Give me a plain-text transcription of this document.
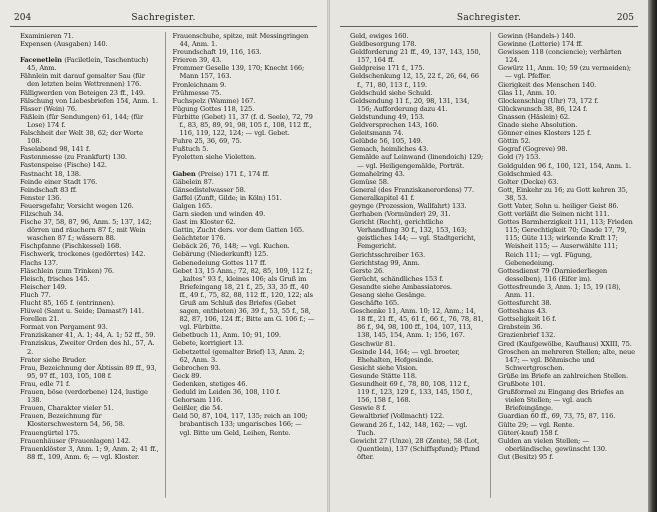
204	Sachregister.

Examinieren 71.

Expensen (Ausgaben) 140.

Facenetlein (Faciletlein, Taschentuch) 45, Anm.

Fähnlein mit darauf gemalter Sau (für den letzten beim Wettrennen) 176.

Fälligwerden von Beteigen 23 ff., 149.

Fälschung von Liebesbriefen 154, Anm. 1.

Fässer (Wein) 76.

Fäßlein (für Sendungen) 61, 144; (für Lose) 174 f.

Falschheit der Welt 38, 62; der Worte 108.

Faselabend 98, 141 f.

Fastenmesse (zu Frankfurt) 130.

Fastenspeise (Fische) 142.

Fastnacht 18, 138.

Feinde einer Stadt 176.

Feindschaft 83 ff.

Fenster 136.

Feuersgefahr, Vorsicht wegen 126.

Filzschuh 34.

Fische 37, 58, 87, 96, Anm. 5; 137, 142; dörren und räuchern 87 f.; mit Wein waschen 87 f.; wässern 88.

Fischpfanne (Fischkessel) 168.

Fischwerk, trockenes (gedörrtes) 142.

Flachs 137.

Fläschlein (zum Trinken) 76.

Fleisch, frisches 145.

Fleischer 149.

Fluch 77.

Flucht 85, 165 f. (entrinnen).

Flüwel (Samt u. Seide; Damast?) 141.

Forellen 21.

Format von Pergament 93.

Franziskaner 41, A. 1; 44, A. 1; 52 ff., 59.

Franziskus, Zweiter Orden des hl., 57, A. 2.

Frater siehe Bruder.

Frau, Bezeichnung der Äbtissin 89 ff., 93, 95, 97 ff., 103, 105, 108 f.

Frau, edle 71 f.

Frauen, böse (verdorbene) 124, lustige 138.

Frauen, Charakter vieler 51.

Frauen, Bezeichnung für Klosterschwestern 54, 56, 58.

Frauengürtel 175.

Frauenhäuser (Frauenlagen) 142.

Frauenklöster 3, Anm. 1; 9, Anm. 2; 41 ff., 88 ff., 109, Anm. 6; — vgl. Kloster.

Frauenschuhe, spitze, mit Messingringen 44, Anm. 1.

Freundschaft 19, 116, 163.

Frieren 39, 43.

Frommer Geselle 139, 170; Knecht 166; Mann 157, 163.

Fronleichnam 9.

Frühmesse 75.

Fuchspelz (Wamme) 167.

Fügung Gottes 118, 125.

Fürbitte (Gebet) 11, 37 (f. d. Seele), 72, 79 f., 83, 85, 89, 91, 98, 105 f., 108, 112 ff., 116, 119, 122, 124; — vgl. Gebet.

Fuhre 25, 36, 69, 75.

Fußtuch 5.

Fyoletten siehe Violetten.

Gaben (Preise) 171 f., 174 ff.

Gäbelein 87.

Gänsedistelwasser 58.

Gaffel (Zunft, Gilde; in Köln) 151.

Galgen 165.

Garn sieden und winden 49.

Gast im Kloster 62.

Gattin, Zucht ders. vor dem Gatten 165.

Geächteter 176.

Gebäck 26, 76, 148; — vgl. Kuchen.

Gebärung (Niederkunft) 125.

Gebenedeiung Gottes 117 ff.

Gebet 13, 15 Anm.; 72, 82, 85, 109, 112 f.; „kaltes“ 93 f., kleines 106; als Gruß im Briefeingang 18, 21 f., 25, 33, 35 ff., 40 ff., 49 f., 75, 82, 88, 112 ff., 120, 122; als Gruß am Schluß des Briefes (Gebet sagen, entbieten) 36, 39 f., 53, 55 f., 58, 82, 87, 106, 124 ff.; Bitte am G. 106 f.; — vgl. Fürbitte.

Gebetbuch 11, Anm. 10; 91, 109.

Gebete, korrigiert 13.

Gebetzettel (gemalter Brief) 13, Anm. 2; 62, Anm. 3.

Gebrochen 93.

Geck 89.

Gedenken, stetiges 46.

Geduld im Leiden 36, 108, 110 f.

Gehorsam 116.

Geißler, die 54.

Geld 50, 87, 104, 117, 135; reich an 100; brabantisch 133; ungarisches 166; — vgl. Bitte um Geld, Leihen, Rente.

Sachregister.	205

Geld, ewiges 160.

Geldbesorgung 178.

Geldforderung 21 ff., 49, 137, 143, 150, 157, 164 ff.

Geldpreise 171 f., 175.

Geldschenkung 12, 15, 22 f., 26, 64, 66 f., 71, 80, 113 f., 119.

Geldschuld siehe Schuld.

Geldsendung 11 f., 20, 98, 131, 134, 156; Aufforderung dazu 41.

Geldstundung 49, 153.

Geldversprechen 143, 160.

Geleitsmann 74.

Gelübde 56, 105, 149.

Gemach, heimliches 43.

Gemälde auf Leinwand (linendoich) 129; — vgl. Heiligengemälde, Porträt.

Gemahelring 43.

Gemüse 58.

General (des Franziskanerordens) 77.

Generalkapitel 41 f.

geynge (Prozession, Wallfahrt) 133.

Gerhaben (Vormünder) 29, 31.

Gericht (Recht), gerichtliche Verhandlung 30 f., 132, 153, 163; geistliches 144; — vgl. Stadtgericht, Femgericht.

Gerichtsschreiber 163.

Gerichtstag 99, Anm.

Gerste 26.

Gerücht, schändliches 153 f.

Gesandte siehe Ambassiatores.

Gesang siehe Gesänge.

Geschäfte 165.

Geschenke 11, Anm. 10; 12, Anm.; 14, 18 ff., 21 ff., 45, 61 f., 66 f., 76, 78, 81, 86 f., 94, 98, 100 ff., 104, 107, 113, 138, 145, 154, Anm. 1; 156, 167.

Geschwür 81.

Gesinde 144, 164; — vgl. broeter, Ehehalten, Hofgesinde.

Gesicht siehe Vision.

Gesunde Stätte 118.

Gesundheit 69 f., 78, 80, 108, 112 f., 119 f., 123, 129 f., 133, 145, 150 f., 156, 158 f., 168.

Geswie 8 f.

Gewaltbrief (Vollmacht) 122.

Gewand 26 f., 142, 148, 162; — vgl. Tuch.

Gewicht 27 (Unze), 28 (Zente), 58 (Lot, Quentlein), 137 (Schiffspfund); Pfund öfter.

Gewinn (Handels-) 140.

Gewinne (Lotterie) 174 ff.

Gewissen 118 (conciencie); verhärten 124.

Gewürz 11, Anm. 10; 59 (zu vermeiden); — vgl. Pfeffer.

Gierigkeit des Menschen 140.

Glas 11, Anm. 10.

Glockenschlag (Uhr) 73, 172 f.

Glückwunsch 38, 86, 124 f.

Gnassen (Häslein) 62.

Gnade siehe Absolution.

Gönner eines Klosters 125 f.

Göttin 52.

Gograf (Gogreve) 98.

Gold (?) 153.

Goldgulden 96 f., 100, 121, 154, Anm. 1.

Goldschmied 43.

Golter (Decke) 63.

Gott, Einkehr zu 16; zu Gott kehren 35, 38, 53.

Gott Vater, Sohn u. heiliger Geist 86.

Gott verläßt die Seinen nicht 111.

Gottes Barmherzigkeit 111, 113; Frieden 115; Gerechtigkeit 70; Gnade 17, 79, 115; Güte 113; wirkende Kraft 17; Weisheit 115; — Auserwählte 111; Reich 111; — vgl. Fügung, Gebenedeiung.

Gottesdienst 79 (Darniederliegen desselben), 116 (Eifer im).

Gottesfreunde 3, Anm. 1; 15, 19 (18), Anm. 11.

Gottesfurcht 38.

Gotteshaus 43.

Gottseligkeit 16 f.

Grabstein 36.

Grazienbrief 132.

Gred (Kaufgewölbe, Kaufhaus) XXIII, 75.

Groschen an mehreren Stellen; alte, neue 147; — vgl. Böhmische und Schwertgroschen.

Grüße im Briefe an zahlreichen Stellen.

Grußbote 101.

Grußformel zu Eingang des Briefes an vielen Stellen; — vgl. auch Briefeingänge.

Guardian 60 ff., 69, 73, 75, 87, 116.

Gülte 29; — vgl. Rente.

Güter(-kauf) 158 f.

Gulden an vielen Stellen; — oberländische, gewünscht 130.

Gut (Besitz) 95 f.
